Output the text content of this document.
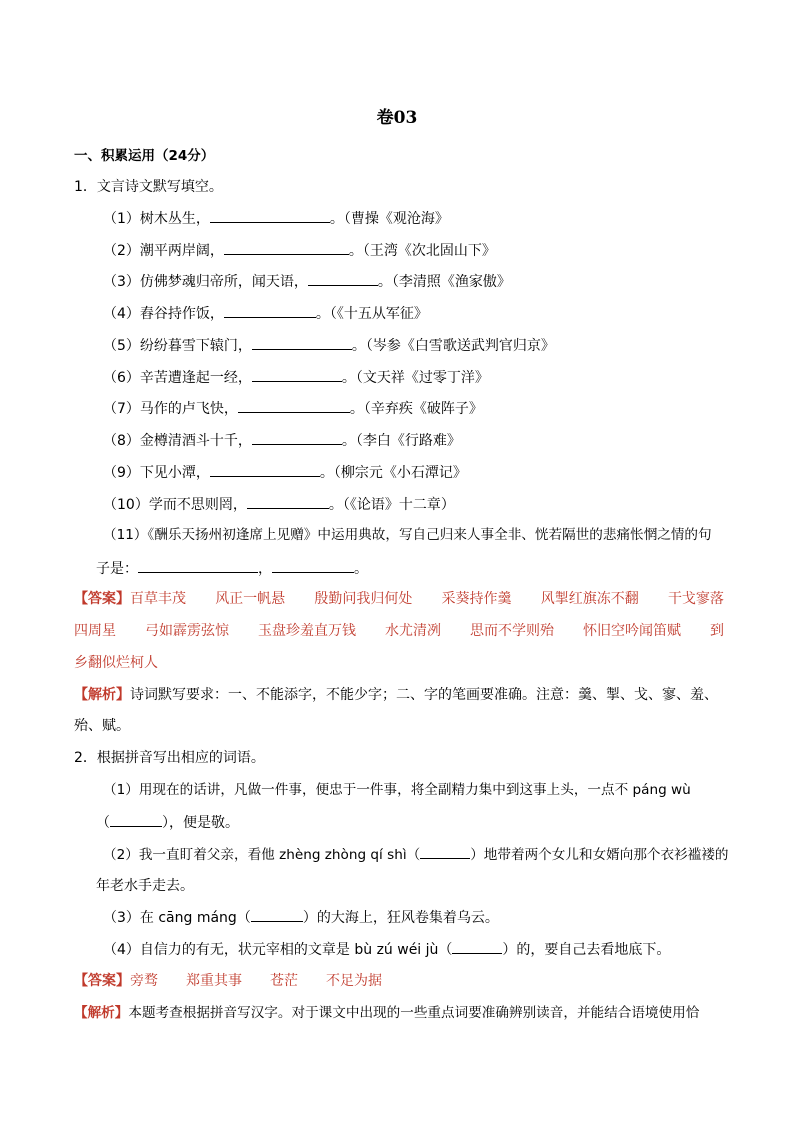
卷03
一、积累运用（24分）
1．文言诗文默写填空。
（1）树木丛生，	。（曹操《观沧海》
（2）潮平两岸阔，	。（王湾《次北固山下》
（3）仿佛梦魂归帝所，闻天语，	。（李清照《渔家傲》
（4）舂谷持作饭，	。（《十五从军征》
（5）纷纷暮雪下辕门，	。（岑参《白雪歌送武判官归京》
（6）辛苦遭逢起一经，	。（文天祥《过零丁洋》
（7）马作的卢飞快，	。（辛弃疾《破阵子》
（8）金樽清酒斗十千，	。（李白《行路难》
（9）下见小潭，	。（柳宗元《小石潭记》
（10）学而不思则罔，	。（《论语》十二章）
（11）《酬乐天扬州初逢席上见赠》中运用典故，写自己归来人事全非、恍若隔世的悲痛怅惘之情的句
子是：	，	。
【答案】百草丰茂 风正一帆悬 殷勤问我归何处 采葵持作羹 风掣红旗冻不翻 干戈寥落
四周星 弓如霹雳弦惊 玉盘珍羞直万钱 水尤清冽 思而不学则殆 怀旧空吟闻笛赋 到
乡翻似烂柯人
【解析】诗词默写要求：一、不能添字，不能少字；二、字的笔画要准确。注意：羹、掣、戈、寥、羞、
殆、赋。
2．根据拼音写出相应的词语。
（1）用现在的话讲，凡做一件事，便忠于一件事，将全副精力集中到这事上头，一点不 páng wù
（	），便是敬。
（2）我一直盯着父亲，看他 zhèng zhòng qí shì（	）地带着两个女儿和女婿向那个衣衫褴褛的
年老水手走去。
（3）在 cāng máng（	）的大海上，狂风卷集着乌云。
（4）自信力的有无，状元宰相的文章是 bù zú wéi jù（	）的，要自己去看地底下。
【答案】旁骛 郑重其事 苍茫 不足为据
【解析】本题考查根据拼音写汉字。对于课文中出现的一些重点词要准确辨别读音，并能结合语境使用恰
